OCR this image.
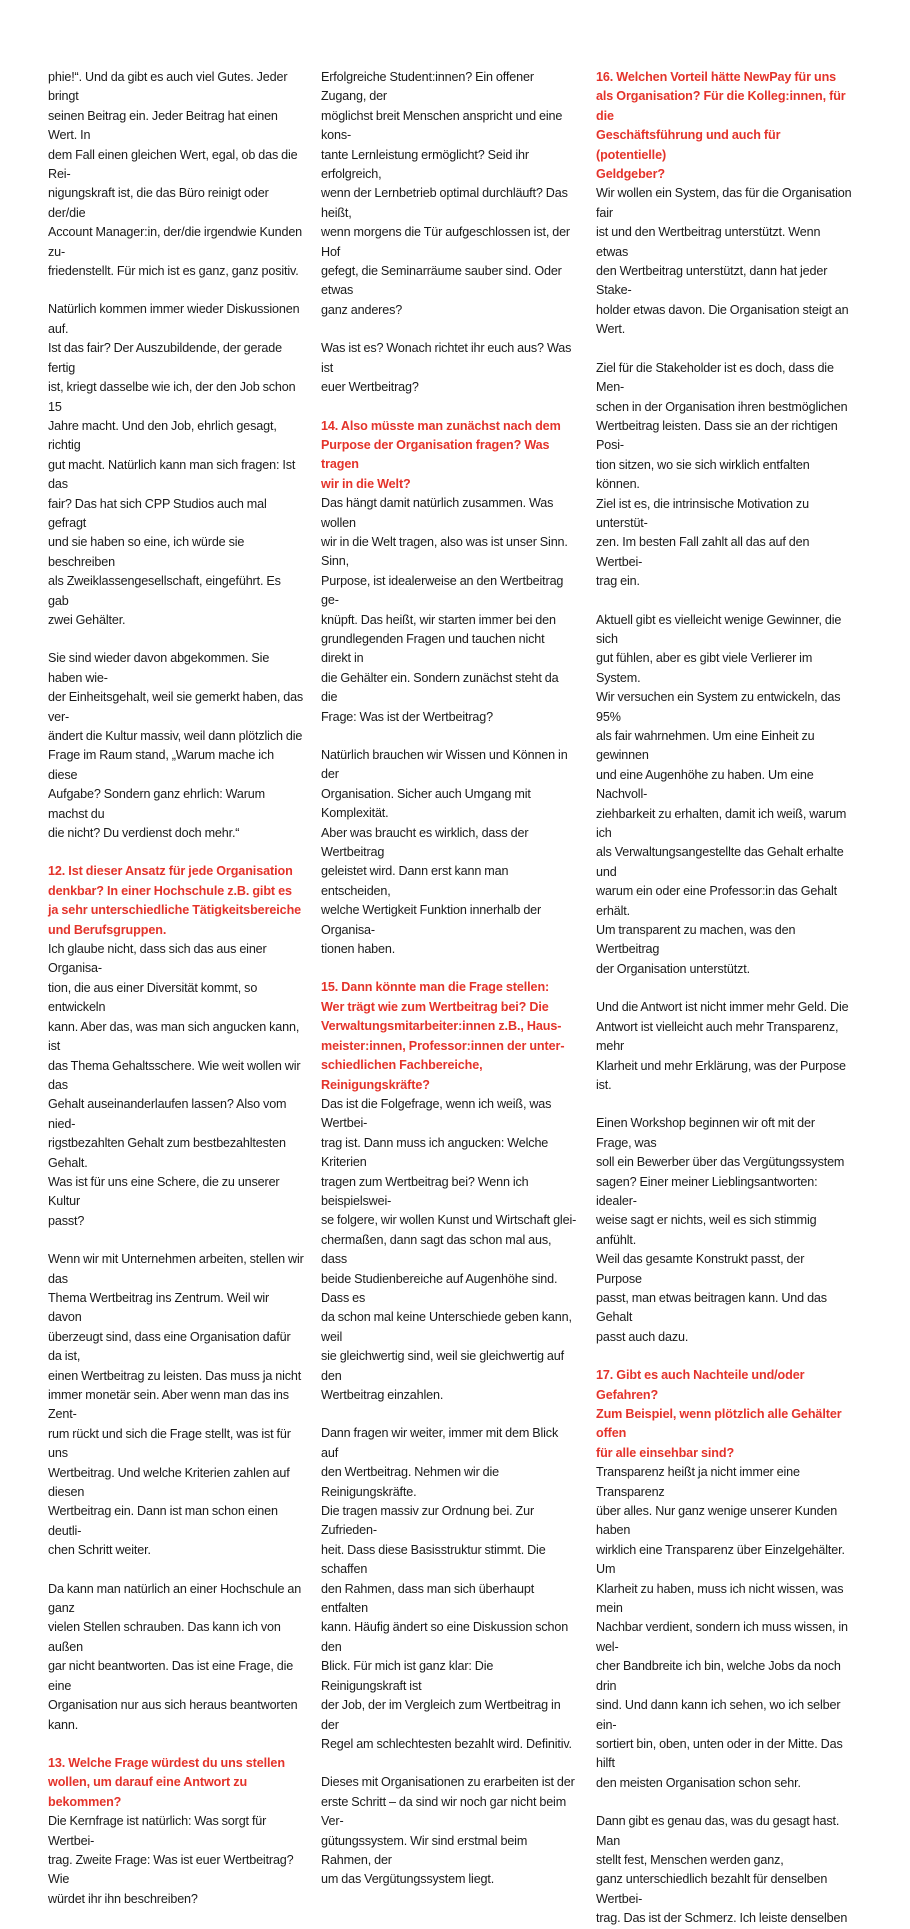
phie!“. Und da gibt es auch viel Gutes. Jeder bringt
seinen Beitrag ein. Jeder Beitrag hat einen Wert. In
dem Fall einen gleichen Wert, egal, ob das die Rei-
nigungskraft ist, die das Büro reinigt oder der/die
Account Manager:in, der/die irgendwie Kunden zu-
friedenstellt. Für mich ist es ganz, ganz positiv.

Natürlich kommen immer wieder Diskussionen auf.
Ist das fair? Der Auszubildende, der gerade fertig
ist, kriegt dasselbe wie ich, der den Job schon 15
Jahre macht. Und den Job, ehrlich gesagt, richtig
gut macht. Natürlich kann man sich fragen: Ist das
fair? Das hat sich CPP Studios auch mal gefragt
und sie haben so eine, ich würde sie beschreiben
als Zweiklassengesellschaft, eingeführt. Es gab
zwei Gehälter.

Sie sind wieder davon abgekommen. Sie haben wie-
der Einheitsgehalt, weil sie gemerkt haben, das ver-
ändert die Kultur massiv, weil dann plötzlich die
Frage im Raum stand, „Warum mache ich diese
Aufgabe? Sondern ganz ehrlich: Warum machst du
die nicht? Du verdienst doch mehr.“

12. Ist dieser Ansatz für jede Organisation
denkbar? In einer Hochschule z.B. gibt es
ja sehr unterschiedliche Tätigkeitsbereiche
und Berufsgruppen.

Ich glaube nicht, dass sich das aus einer Organisa-
tion, die aus einer Diversität kommt, so entwickeln
kann. Aber das, was man sich angucken kann, ist
das Thema Gehaltsschere. Wie weit wollen wir das
Gehalt auseinanderlaufen lassen? Also vom nied-
rigstbezahlten Gehalt zum bestbezahltesten Gehalt.
Was ist für uns eine Schere, die zu unserer Kultur
passt?

Wenn wir mit Unternehmen arbeiten, stellen wir das
Thema Wertbeitrag ins Zentrum. Weil wir davon
überzeugt sind, dass eine Organisation dafür da ist,
einen Wertbeitrag zu leisten. Das muss ja nicht
immer monetär sein. Aber wenn man das ins Zent-
rum rückt und sich die Frage stellt, was ist für uns
Wertbeitrag. Und welche Kriterien zahlen auf diesen
Wertbeitrag ein. Dann ist man schon einen deutli-
chen Schritt weiter.

Da kann man natürlich an einer Hochschule an ganz
vielen Stellen schrauben. Das kann ich von außen
gar nicht beantworten. Das ist eine Frage, die eine
Organisation nur aus sich heraus beantworten
kann.

13. Welche Frage würdest du uns stellen
wollen, um darauf eine Antwort zu bekommen?

Die Kernfrage ist natürlich: Was sorgt für Wertbei-
trag. Zweite Frage: Was ist euer Wertbeitrag? Wie
würdet ihr ihn beschreiben?

Erfolgreiche Student:innen? Ein offener Zugang, der
möglichst breit Menschen anspricht und eine kons-
tante Lernleistung ermöglicht? Seid ihr erfolgreich,
wenn der Lernbetrieb optimal durchläuft? Das heißt,
wenn morgens die Tür aufgeschlossen ist, der Hof
gefegt, die Seminarräume sauber sind. Oder etwas
ganz anderes?

Was ist es? Wonach richtet ihr euch aus? Was ist
euer Wertbeitrag?

14. Also müsste man zunächst nach dem
Purpose der Organisation fragen? Was tragen
wir in die Welt?

Das hängt damit natürlich zusammen. Was wollen
wir in die Welt tragen, also was ist unser Sinn. Sinn,
Purpose, ist idealerweise an den Wertbeitrag ge-
knüpft. Das heißt, wir starten immer bei den
grundlegenden Fragen und tauchen nicht direkt in
die Gehälter ein. Sondern zunächst steht da die
Frage: Was ist der Wertbeitrag?

Natürlich brauchen wir Wissen und Können in der
Organisation. Sicher auch Umgang mit Komplexität.
Aber was braucht es wirklich, dass der Wertbeitrag
geleistet wird. Dann erst kann man entscheiden,
welche Wertigkeit Funktion innerhalb der Organisa-
tionen haben.

15. Dann könnte man die Frage stellen:
Wer trägt wie zum Wertbeitrag bei? Die
Verwaltungsmitarbeiter:innen z.B., Haus-
meister:innen, Professor:innen der unter-
schiedlichen Fachbereiche, Reinigungskräfte?

Das ist die Folgefrage, wenn ich weiß, was Wertbei-
trag ist. Dann muss ich angucken: Welche Kriterien
tragen zum Wertbeitrag bei? Wenn ich beispielswei-
se folgere, wir wollen Kunst und Wirtschaft glei-
chermaßen, dann sagt das schon mal aus, dass
beide Studienbereiche auf Augenhöhe sind. Dass es
da schon mal keine Unterschiede geben kann, weil
sie gleichwertig sind, weil sie gleichwertig auf den
Wertbeitrag einzahlen.

Dann fragen wir weiter, immer mit dem Blick auf
den Wertbeitrag. Nehmen wir die Reinigungskräfte.
Die tragen massiv zur Ordnung bei. Zur Zufrieden-
heit. Dass diese Basisstruktur stimmt. Die schaffen
den Rahmen, dass man sich überhaupt entfalten
kann. Häufig ändert so eine Diskussion schon den
Blick. Für mich ist ganz klar: Die Reinigungskraft ist
der Job, der im Vergleich zum Wertbeitrag in der
Regel am schlechtesten bezahlt wird. Definitiv.

Dieses mit Organisationen zu erarbeiten ist der
erste Schritt – da sind wir noch gar nicht beim Ver-
gütungssystem. Wir sind erstmal beim Rahmen, der
um das Vergütungssystem liegt.

16. Welchen Vorteil hätte NewPay für uns
als Organisation? Für die Kolleg:innen, für die
Geschäftsführung und auch für (potentielle)
Geldgeber?

Wir wollen ein System, das für die Organisation fair
ist und den Wertbeitrag unterstützt. Wenn etwas
den Wertbeitrag unterstützt, dann hat jeder Stake-
holder etwas davon. Die Organisation steigt an
Wert.

Ziel für die Stakeholder ist es doch, dass die Men-
schen in der Organisation ihren bestmöglichen
Wertbeitrag leisten. Dass sie an der richtigen Posi-
tion sitzen, wo sie sich wirklich entfalten können.
Ziel ist es, die intrinsische Motivation zu unterstüt-
zen. Im besten Fall zahlt all das auf den Wertbei-
trag ein.

Aktuell gibt es vielleicht wenige Gewinner, die sich
gut fühlen, aber es gibt viele Verlierer im System.
Wir versuchen ein System zu entwickeln, das 95%
als fair wahrnehmen. Um eine Einheit zu gewinnen
und eine Augenhöhe zu haben. Um eine Nachvoll-
ziehbarkeit zu erhalten, damit ich weiß, warum ich
als Verwaltungsangestellte das Gehalt erhalte und
warum ein oder eine Professor:in das Gehalt erhält.
Um transparent zu machen, was den Wertbeitrag
der Organisation unterstützt.

Und die Antwort ist nicht immer mehr Geld. Die
Antwort ist vielleicht auch mehr Transparenz, mehr
Klarheit und mehr Erklärung, was der Purpose ist.

Einen Workshop beginnen wir oft mit der Frage, was
soll ein Bewerber über das Vergütungssystem
sagen? Einer meiner Lieblingsantworten: idealer-
weise sagt er nichts, weil es sich stimmig anfühlt.
Weil das gesamte Konstrukt passt, der Purpose
passt, man etwas beitragen kann. Und das Gehalt
passt auch dazu.

17. Gibt es auch Nachteile und/oder Gefahren?
Zum Beispiel, wenn plötzlich alle Gehälter offen
für alle einsehbar sind?

Transparenz heißt ja nicht immer eine Transparenz
über alles. Nur ganz wenige unserer Kunden haben
wirklich eine Transparenz über Einzelgehälter. Um
Klarheit zu haben, muss ich nicht wissen, was mein
Nachbar verdient, sondern ich muss wissen, in wel-
cher Bandbreite ich bin, welche Jobs da noch drin
sind. Und dann kann ich sehen, wo ich selber ein-
sortiert bin, oben, unten oder in der Mitte. Das hilft
den meisten Organisation schon sehr.

Dann gibt es genau das, was du gesagt hast. Man
stellt fest, Menschen werden ganz,
ganz unterschiedlich bezahlt für denselben Wertbei-
trag. Das ist der Schmerz. Ich leiste denselben
